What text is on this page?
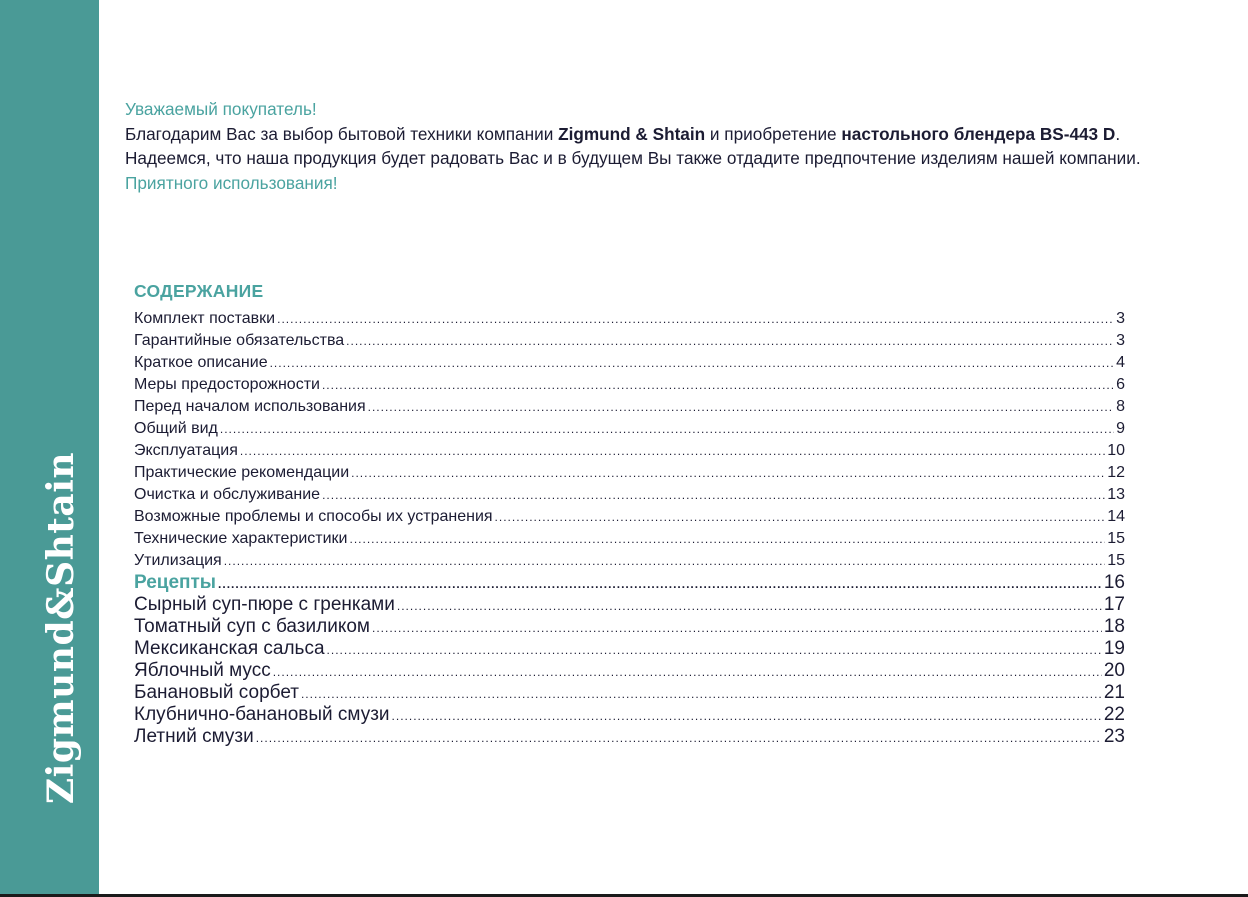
Zigmund&Shtain
Уважаемый покупатель!
Благодарим Вас за выбор бытовой техники компании Zigmund & Shtain и приобретение настольного блендера BS-443 D. Надеемся, что наша продукция будет радовать Вас и в будущем Вы также отдадите предпочтение изделиям нашей компании. Приятного использования!
СОДЕРЖАНИЕ
Комплект поставки .....	3
Гарантийные обязательства .....	3
Краткое описание .....	4
Меры предосторожности .....	6
Перед началом использования .....	8
Общий вид .....	9
Эксплуатация .....	10
Практические рекомендации .....	12
Очистка и обслуживание .....	13
Возможные проблемы и способы их устранения .....	14
Технические характеристики .....	15
Утилизация .....	15
Рецепты .....	16
Сырный суп-пюре с гренками .....	17
Томатный суп с базиликом .....	18
Мексиканская сальса .....	19
Яблочный мусс .....	20
Банановый сорбет .....	21
Клубнично-банановый смузи .....	22
Летний смузи .....	23
